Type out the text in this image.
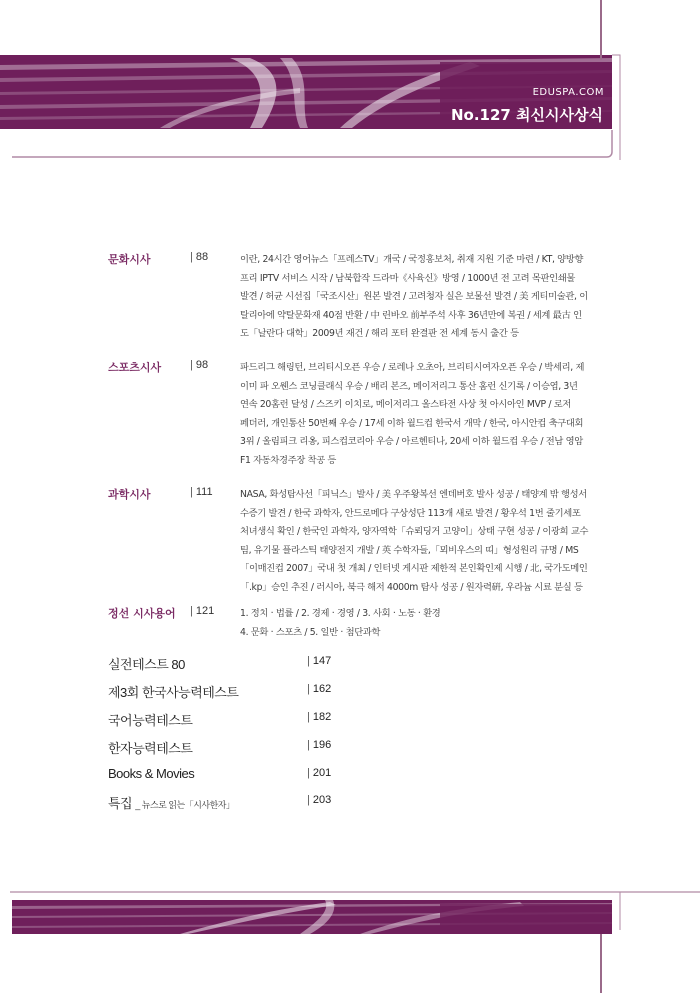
EDUSPA.COM
No.127 최신시사상식
문화시사	| 88	이란, 24시간 영어뉴스「프레스TV」개국 / 국정홍보처, 취재 지원 기준 마련 / KT, 양방향
프리 IPTV 서비스 시작 / 남북합작 드라마《사육신》방영 / 1000년 전 고려 목판인쇄물
발견 / 허균 시선집「국조시산」원본 발견 / 고려청자 실은 보물선 발견 / 美 게티미술관, 이
탈리아에 약탈문화재 40점 반환 / 中 린바오 前부주석 사후 36년만에 복권 / 세계 最古 인
도「날란다 대학」2009년 재건 / 해리 포터 완결판 전 세계 동시 출간 등
스포츠시사	| 98	파드리그 해링턴, 브리티시오픈 우승 / 로레나 오초아, 브리티시여자오픈 우승 / 박세리, 제
이미 파 오웬스 코닝클래식 우승 / 배리 본즈, 메이저리그 통산 홈런 신기록 / 이승엽, 3년
연속 20홈런 달성 / 스즈키 이치로, 메이저리그 올스타전 사상 첫 아시아인 MVP / 로저
페더러, 개인통산 50번째 우승 / 17세 이하 월드컵 한국서 개막 / 한국, 아시안컵 축구대회
3위 / 올림피크 리옹, 피스컵코리아 우승 / 아르헨티나, 20세 이하 월드컵 우승 / 전남 영암
F1 자동차경주장 착공 등
과학시사	| 111	NASA, 화성탐사선「피닉스」발사 / 美 우주왕복선 엔데버호 발사 성공 / 태양계 밖 행성서
수증기 발견 / 한국 과학자, 안드로메다 구상성단 113개 새로 발견 / 황우석 1번 줄기세포
처녀생식 확인 / 한국인 과학자, 양자역학「슈뢰딩거 고양이」상태 구현 성공 / 이광희 교수
팀, 유기물 플라스틱 태양전지 개발 / 英 수학자들,「뫼비우스의 띠」형성원리 규명 / MS
「이매진컵 2007」국내 첫 개최 / 인터넷 게시판 제한적 본인확인제 시행 / 北, 국가도메인
「.kp」승인 추진 / 러시아, 북극 해저 4000m 탐사 성공 / 원자력硏, 우라늄 시료 분실 등
정선 시사용어	| 121	1. 정치 · 법률 / 2. 경제 · 경영 / 3. 사회 · 노동 · 환경
4. 문화 · 스포츠 / 5. 일반 · 첨단과학
실전테스트 80	| 147
제3회 한국사능력테스트	| 162
국어능력테스트	| 182
한자능력테스트	| 196
Books & Movies	| 201
특집 _ 뉴스로 읽는「시사한자」	| 203
